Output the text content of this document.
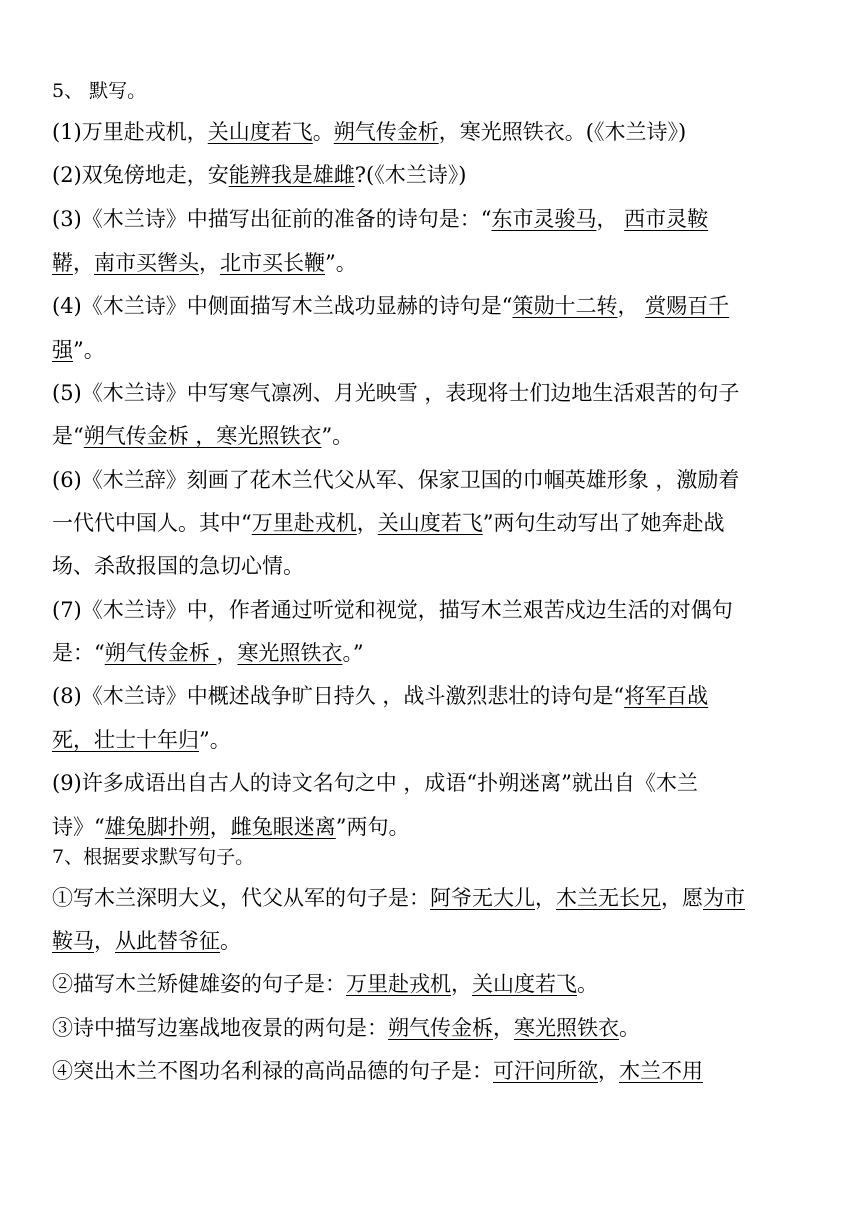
5、 默写。
(1)万里赴戎机，关山度若飞。朔气传金析，寒光照铁衣。(《木兰诗》)
(2)双兔傍地走，安能辨我是雄雌?(《木兰诗》)
(3)《木兰诗》中描写出征前的准备的诗句是：“东市灵骏马， 西市灵鞍
鞯，南市买辔头，北市买长鞭”。
(4)《木兰诗》中侧面描写木兰战功显赫的诗句是“策勋十二转， 赏赐百千
强”。
(5)《木兰诗》中写寒气凛冽、月光映雪 ，表现将士们边地生活艰苦的句子
是“朔气传金柝 ，寒光照铁衣”。
(6)《木兰辞》刻画了花木兰代父从军、保家卫国的巾帼英雄形象 ，激励着
一代代中国人。其中“万里赴戎机，关山度若飞”两句生动写出了她奔赴战
场、杀敌报国的急切心情。
(7)《木兰诗》中，作者通过听觉和视觉，描写木兰艰苦戍边生活的对偶句
是：“朔气传金柝 ，寒光照铁衣。”
(8)《木兰诗》中概述战争旷日持久 ，战斗激烈悲壮的诗句是“将军百战
死，壮士十年归”。
(9)许多成语出自古人的诗文名句之中 ，成语“扑朔迷离”就出自《木兰
诗》“雄兔脚扑朔，雌兔眼迷离”两句。
7、根据要求默写句子。
①写木兰深明大义，代父从军的句子是：阿爷无大儿，木兰无长兄，愿为市
鞍马，从此替爷征。
②描写木兰矫健雄姿的句子是：万里赴戎机，关山度若飞。
③诗中描写边塞战地夜景的两句是：朔气传金柝，寒光照铁衣。
④突出木兰不图功名利禄的高尚品德的句子是：可汗问所欲，木兰不用
